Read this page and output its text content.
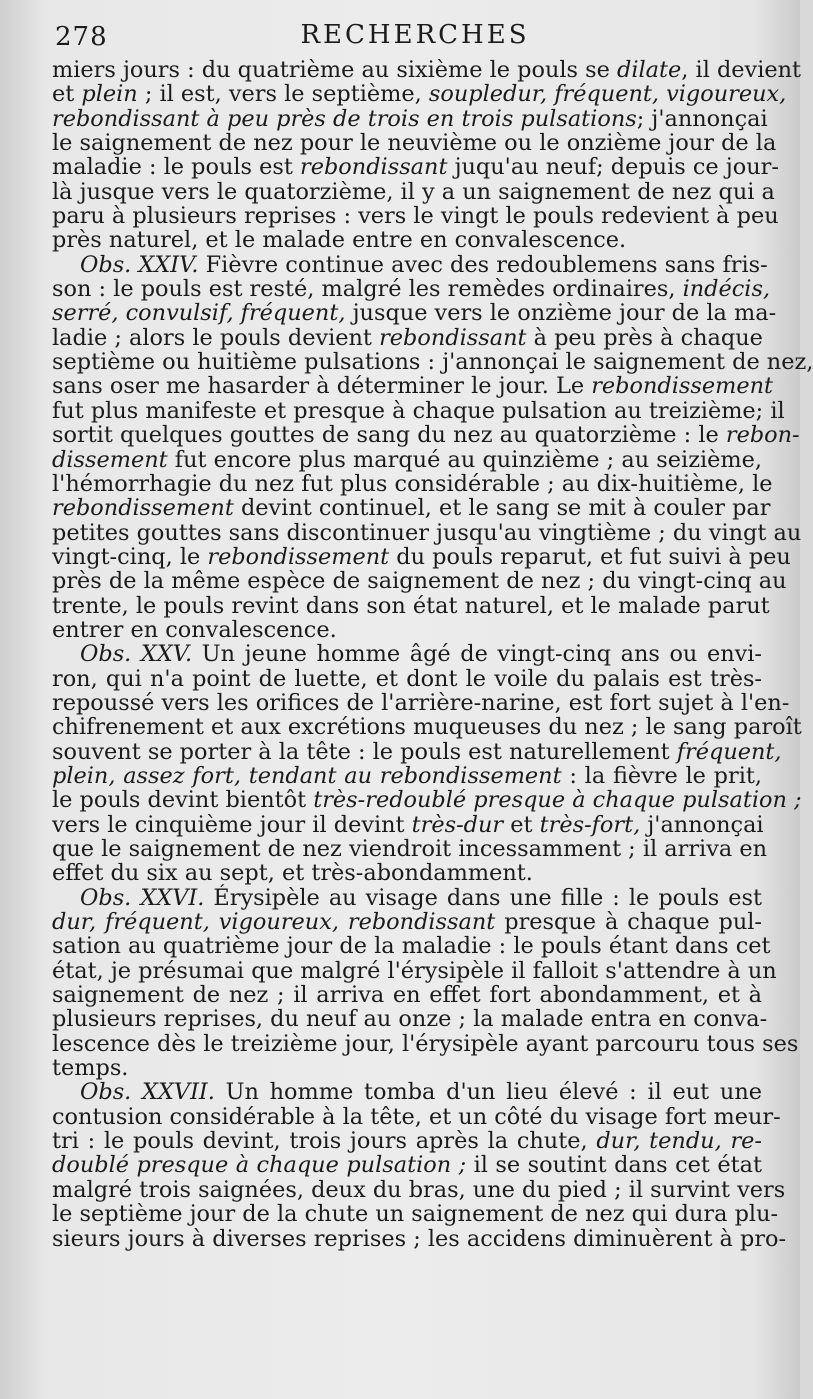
278	RECHERCHES
miers jours : du quatrième au sixième le pouls se dilate, il devient
et plein ; il est, vers le septième, soupledur, fréquent, vigoureux,
rebondissant à peu près de trois en trois pulsations; j'annonçai
le saignement de nez pour le neuvième ou le onzième jour de la
maladie : le pouls est rebondissant juqu'au neuf; depuis ce jour-
là jusque vers le quatorzième, il y a un saignement de nez qui a
paru à plusieurs reprises : vers le vingt le pouls redevient à peu
près naturel, et le malade entre en convalescence.
Obs. XXIV. Fièvre continue avec des redoublemens sans fris-
son : le pouls est resté, malgré les remèdes ordinaires, indécis,
serré, convulsif, fréquent, jusque vers le onzième jour de la ma-
ladie ; alors le pouls devient rebondissant à peu près à chaque
septième ou huitième pulsations : j'annonçai le saignement de nez,
sans oser me hasarder à déterminer le jour. Le rebondissement
fut plus manifeste et presque à chaque pulsation au treizième; il
sortit quelques gouttes de sang du nez au quatorzième : le rebon-
dissement fut encore plus marqué au quinzième ; au seizième,
l'hémorrhagie du nez fut plus considérable ; au dix-huitième, le
rebondissement devint continuel, et le sang se mit à couler par
petites gouttes sans discontinuer jusqu'au vingtième ; du vingt au
vingt-cinq, le rebondissement du pouls reparut, et fut suivi à peu
près de la même espèce de saignement de nez ; du vingt-cinq au
trente, le pouls revint dans son état naturel, et le malade parut
entrer en convalescence.
Obs. XXV. Un jeune homme âgé de vingt-cinq ans ou envi-
ron, qui n'a point de luette, et dont le voile du palais est très-
repoussé vers les orifices de l'arrière-narine, est fort sujet à l'en-
chifrenement et aux excrétions muqueuses du nez ; le sang paroît
souvent se porter à la tête : le pouls est naturellement fréquent,
plein, assez fort, tendant au rebondissement : la fièvre le prit,
le pouls devint bientôt très-redoublé presque à chaque pulsation ;
vers le cinquième jour il devint très-dur et très-fort, j'annonçai
que le saignement de nez viendroit incessamment ; il arriva en
effet du six au sept, et très-abondamment.
Obs. XXVI. Érysipèle au visage dans une fille : le pouls est
dur, fréquent, vigoureux, rebondissant presque à chaque pul-
sation au quatrième jour de la maladie : le pouls étant dans cet
état, je présumai que malgré l'érysipèle il falloit s'attendre à un
saignement de nez ; il arriva en effet fort abondamment, et à
plusieurs reprises, du neuf au onze ; la malade entra en conva-
lescence dès le treizième jour, l'érysipèle ayant parcouru tous ses
temps.
Obs. XXVII. Un homme tomba d'un lieu élevé : il eut une
contusion considérable à la tête, et un côté du visage fort meur-
tri : le pouls devint, trois jours après la chute, dur, tendu, re-
doublé presque à chaque pulsation ; il se soutint dans cet état
malgré trois saignées, deux du bras, une du pied ; il survint vers
le septième jour de la chute un saignement de nez qui dura plu-
sieurs jours à diverses reprises ; les accidens diminuèrent à pro-
